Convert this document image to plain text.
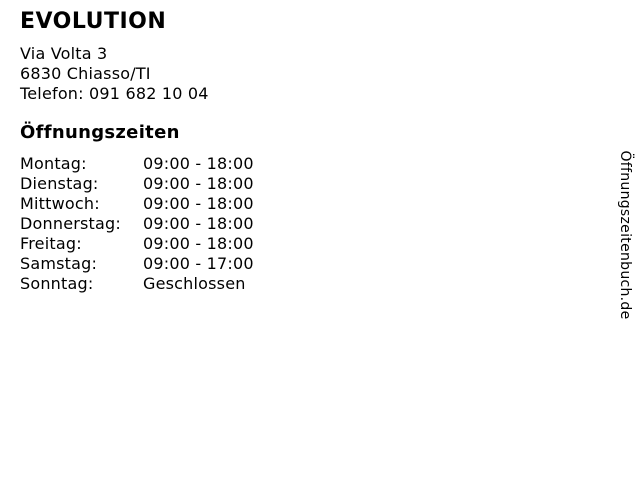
EVOLUTION
Via Volta 3
6830 Chiasso/TI
Telefon: 091 682 10 04
Öffnungszeiten
Montag:	09:00 - 18:00
Dienstag:	09:00 - 18:00
Mittwoch:	09:00 - 18:00
Donnerstag:	09:00 - 18:00
Freitag:	09:00 - 18:00
Samstag:	09:00 - 17:00
Sonntag:	Geschlossen	Öffnungszeitenbuch.de
